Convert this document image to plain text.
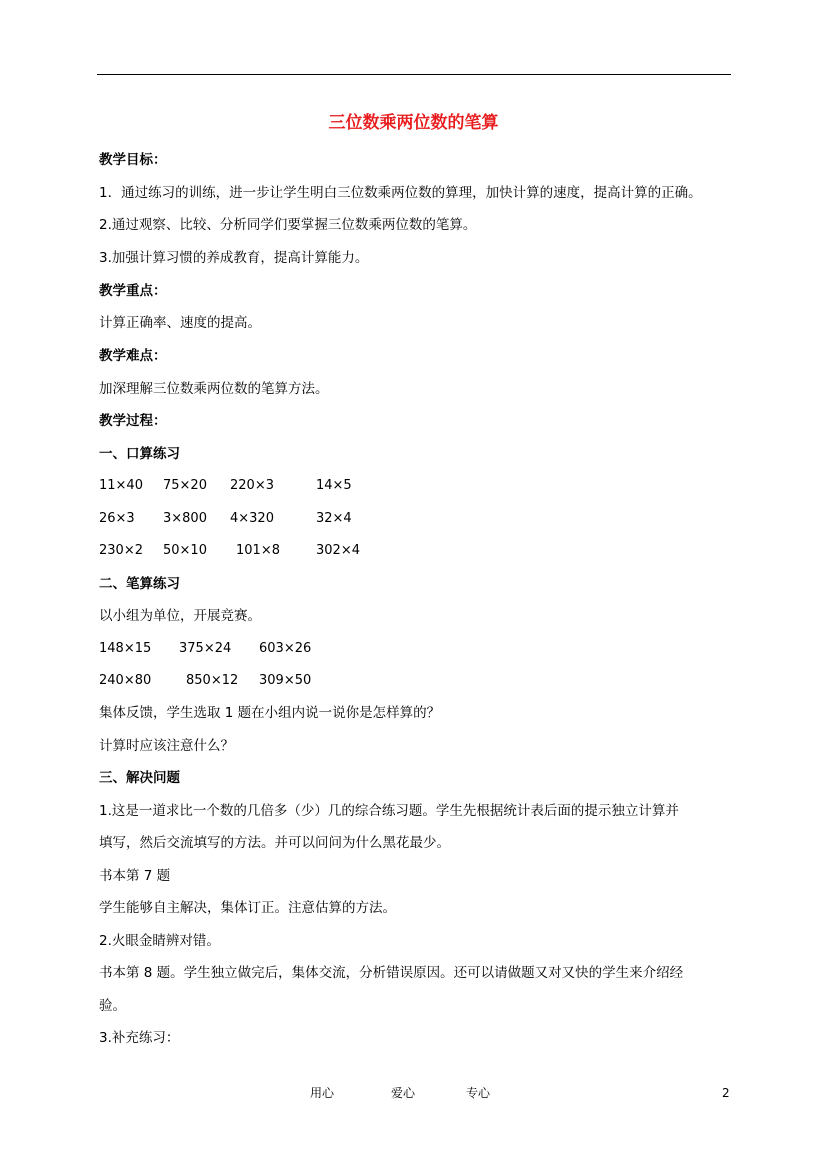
三位数乘两位数的笔算
教学目标：
1．通过练习的训练，进一步让学生明白三位数乘两位数的算理，加快计算的速度，提高计算的正确。
2.通过观察、比较、分析同学们要掌握三位数乘两位数的笔算。
3.加强计算习惯的养成教育，提高计算能力。
教学重点：
计算正确率、速度的提高。
教学难点：
加深理解三位数乘两位数的笔算方法。
教学过程：
一、口算练习
11×40 75×20 220×3	14×5
26×3 3×800 4×320	32×4
230×2 50×10 101×8	302×4
二、笔算练习
以小组为单位，开展竞赛。
148×15 375×24 603×26
240×80	850×12 309×50
集体反馈，学生选取 1 题在小组内说一说你是怎样算的？
计算时应该注意什么？
三、解决问题
1.这是一道求比一个数的几倍多（少）几的综合练习题。学生先根据统计表后面的提示独立计算并
填写，然后交流填写的方法。并可以问问为什么黑花最少。
书本第 7 题
学生能够自主解决，集体订正。注意估算的方法。
2.火眼金睛辨对错。
书本第 8 题。学生独立做完后，集体交流，分析错误原因。还可以请做题又对又快的学生来介绍经
验。
3.补充练习：
用心	爱心	专心	2
